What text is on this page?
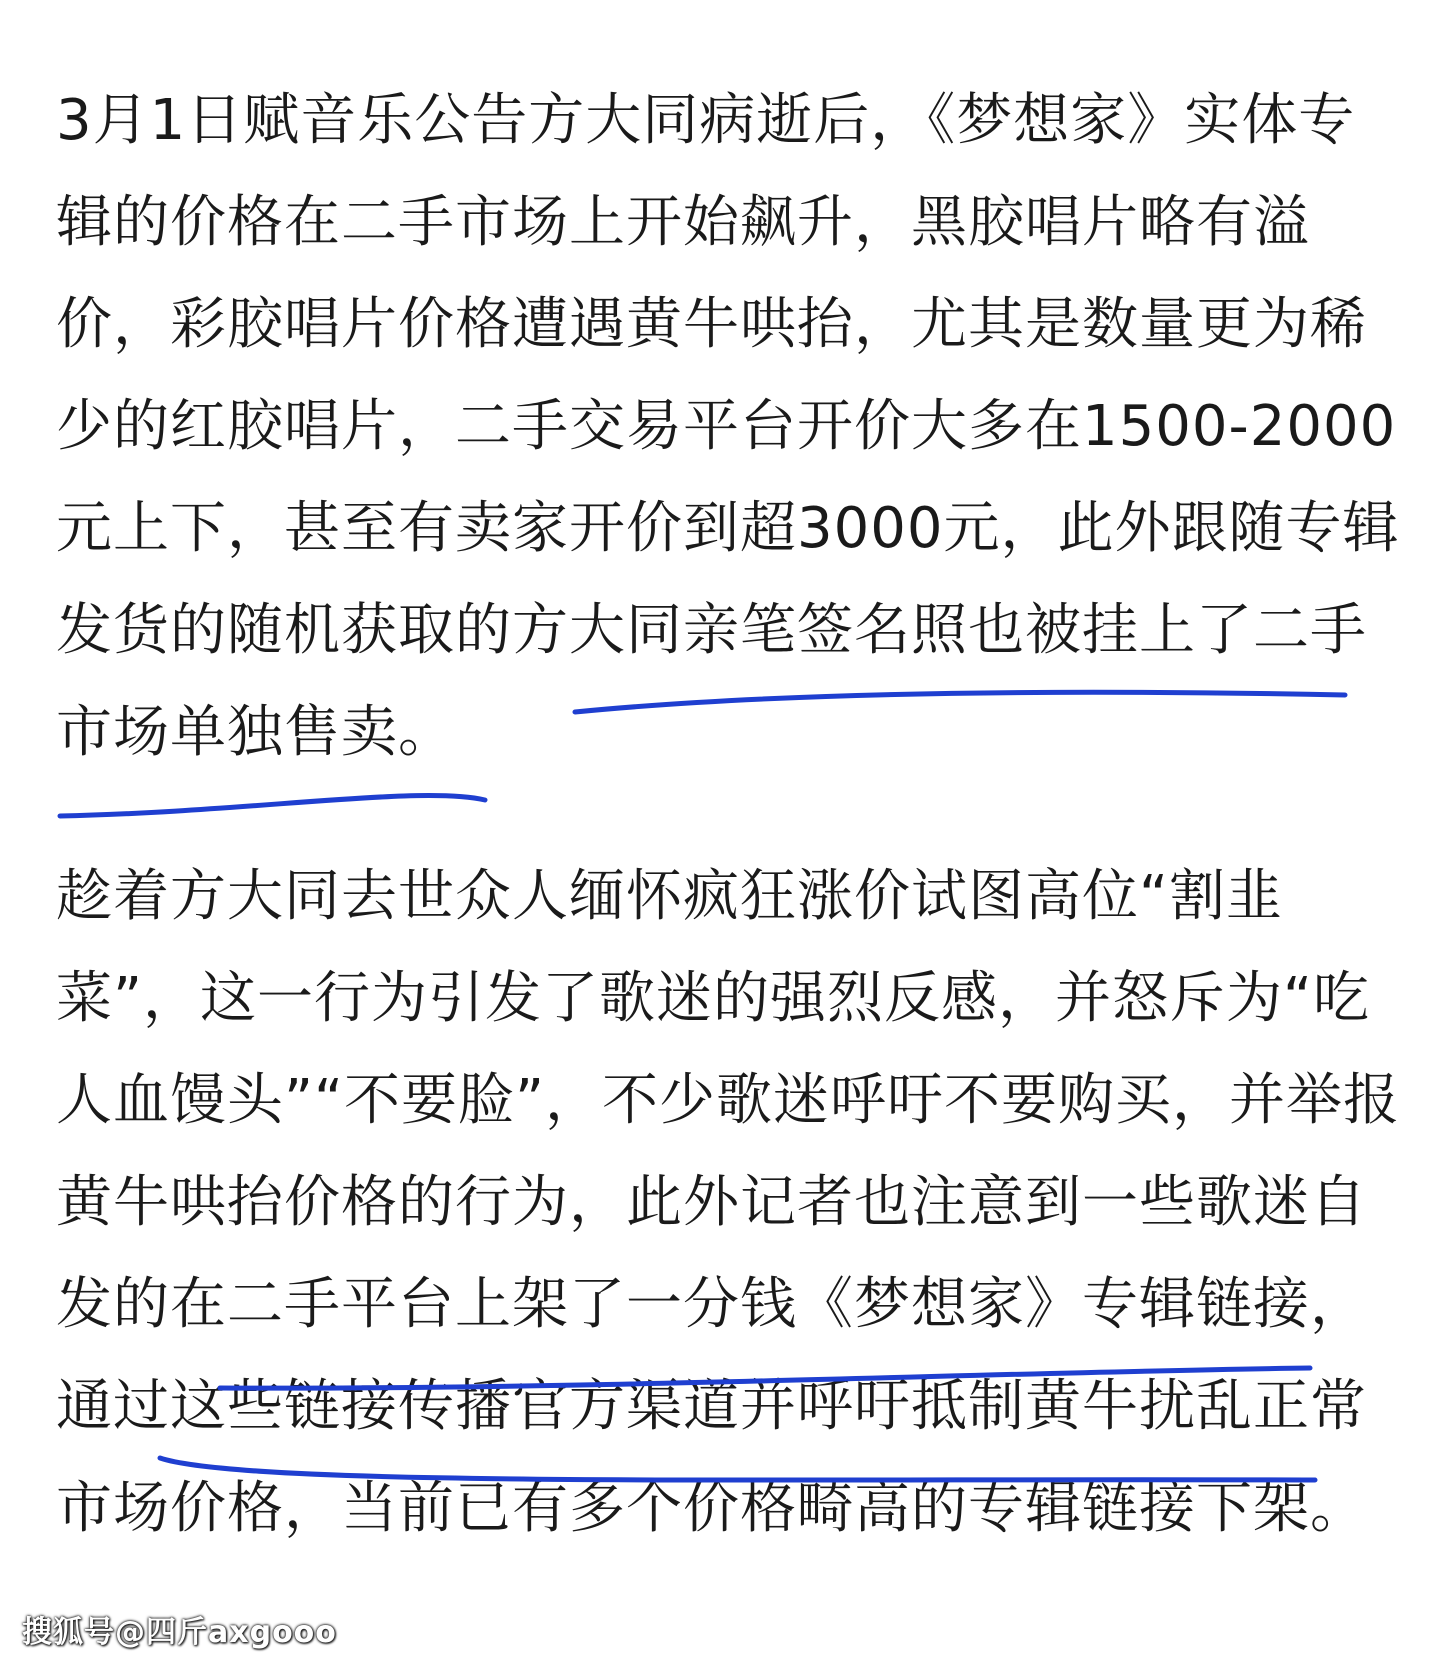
3月1日赋音乐公告方大同病逝后，《梦想家》实体专
辑的价格在二手市场上开始飙升，黑胶唱片略有溢
价，彩胶唱片价格遭遇黄牛哄抬，尤其是数量更为稀
少的红胶唱片，二手交易平台开价大多在1500-2000
元上下，甚至有卖家开价到超3000元，此外跟随专辑
发货的随机获取的方大同亲笔签名照也被挂上了二手
市场单独售卖。
趁着方大同去世众人缅怀疯狂涨价试图高位“割韭
菜”，这一行为引发了歌迷的强烈反感，并怒斥为“吃
人血馒头”“不要脸”，不少歌迷呼吁不要购买，并举报
黄牛哄抬价格的行为，此外记者也注意到一些歌迷自
发的在二手平台上架了一分钱《梦想家》专辑链接，
通过这些链接传播官方渠道并呼吁抵制黄牛扰乱正常
市场价格，当前已有多个价格畸高的专辑链接下架。
搜狐号@四斤axgooo
